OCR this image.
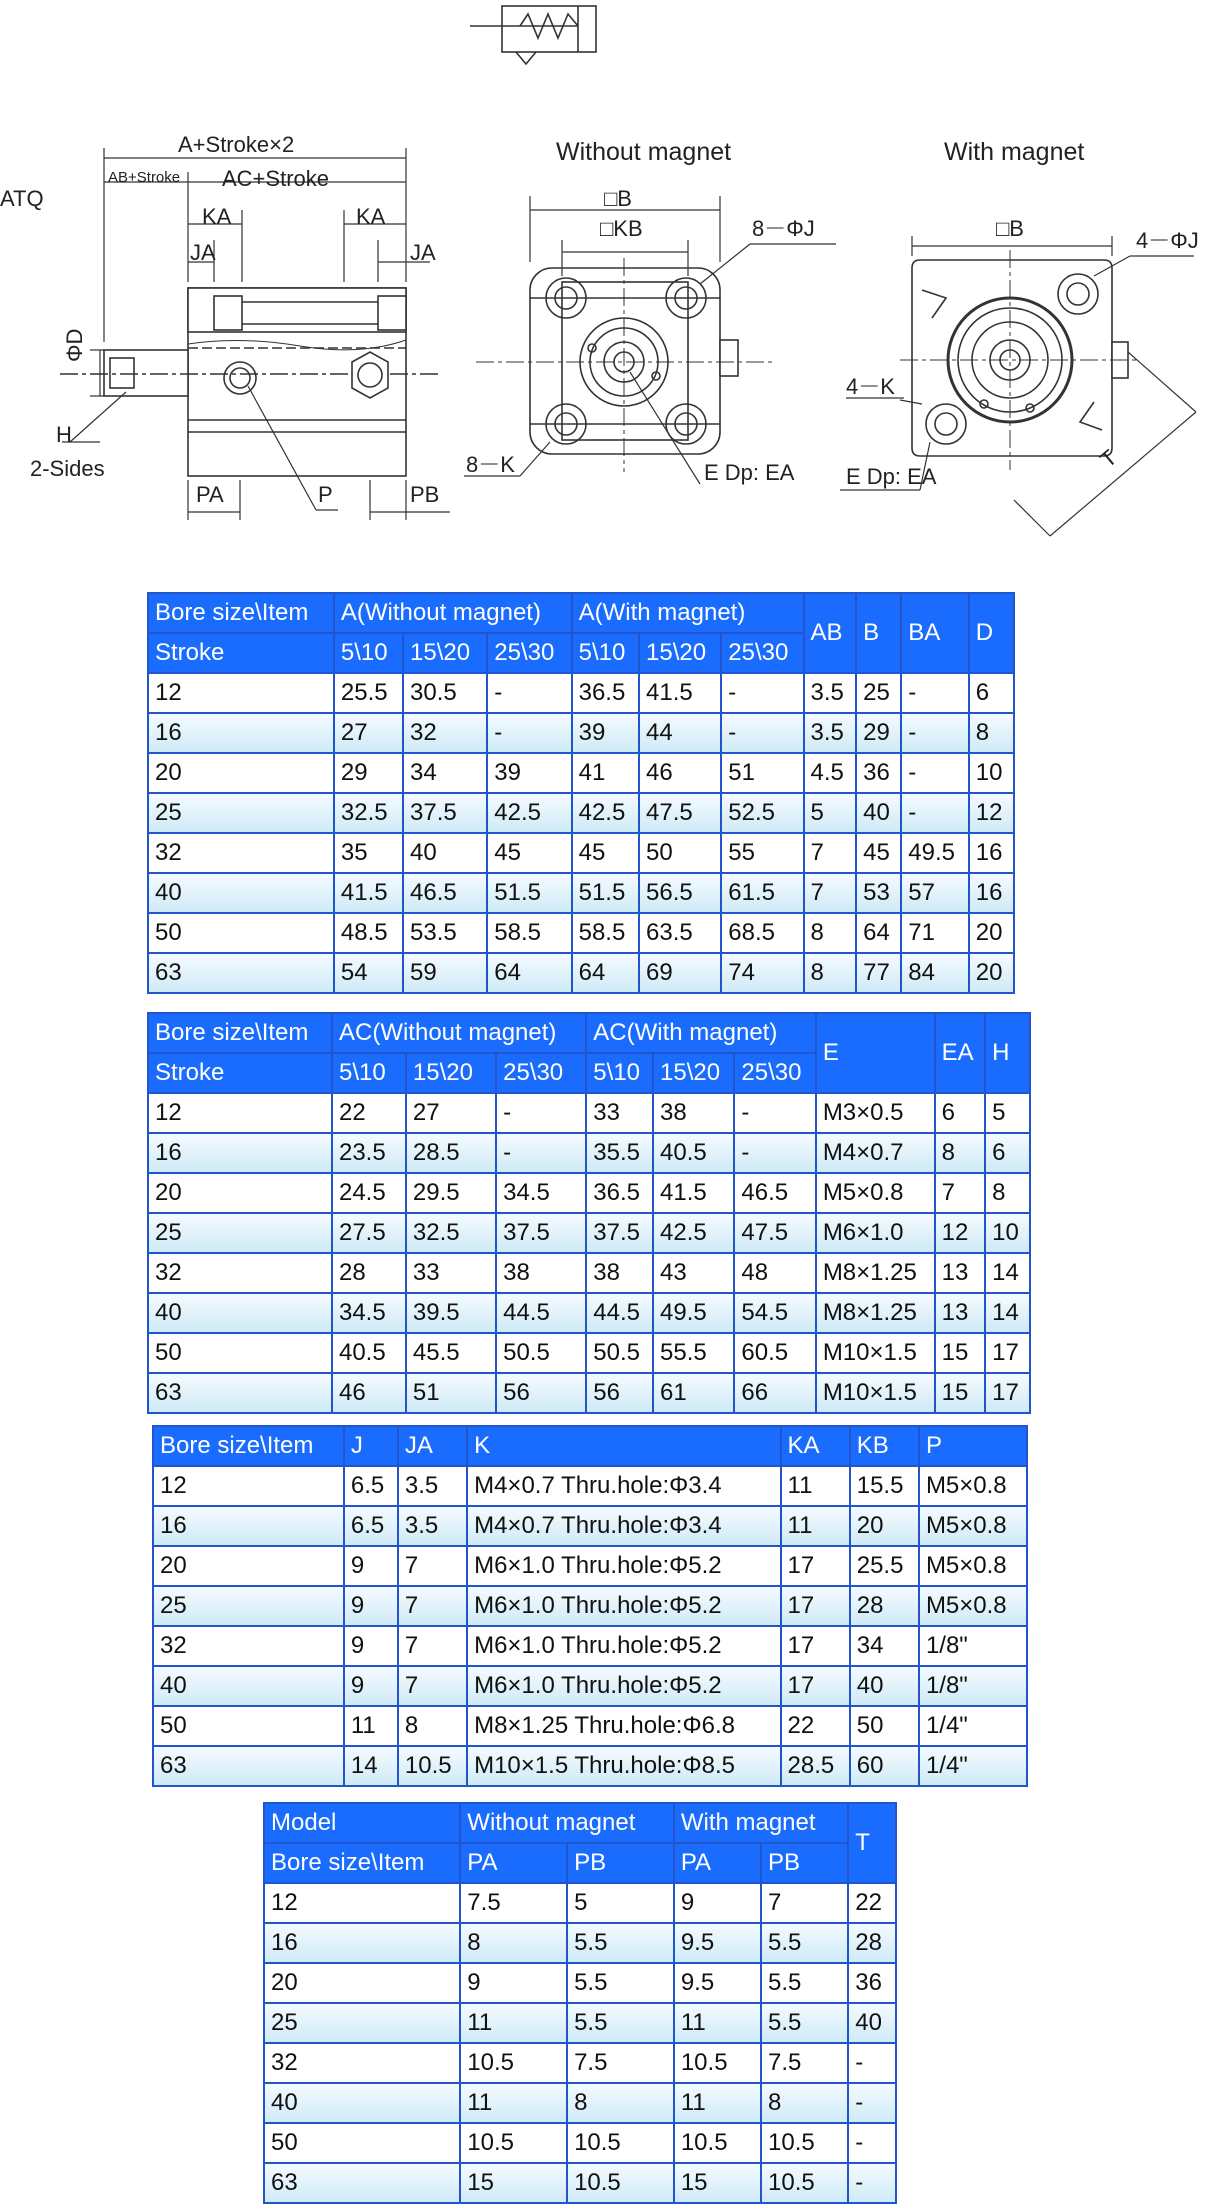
ATQ
A+Stroke×2
AB+Stroke AC+Stroke
KA	KA
JA	JA
ΦD
H
2-Sides
PA	P	PB
Without magnet
□B
□KB	8－ΦJ
8－K	E Dp: EA
With magnet
□B	4－ΦJ
4－K
E Dp: EA
T
Bore size\Item	A(Without magnet)			A(With magnet)			AB	B	BA	D
Stroke	5\10	15\20	25\30	5\10	15\20	25\30				
12	25.5	30.5	-	36.5	41.5	-	3.5	25	-	6
16	27	32	-	39	44	-	3.5	29	-	8
20	29	34	39	41	46	51	4.5	36	-	10
25	32.5	37.5	42.5	42.5	47.5	52.5	5	40	-	12
32	35	40	45	45	50	55	7	45	49.5	16
40	41.5	46.5	51.5	51.5	56.5	61.5	7	53	57	16
50	48.5	53.5	58.5	58.5	63.5	68.5	8	64	71	20
63	54	59	64	64	69	74	8	77	84	20
Bore size\Item	AC(Without magnet)			AC(With magnet)			E	EA	H
Stroke	5\10	15\20	25\30	5\10	15\20	25\30			
12	22	27	-	33	38	-	M3×0.5	6	5
16	23.5	28.5	-	35.5	40.5	-	M4×0.7	8	6
20	24.5	29.5	34.5	36.5	41.5	46.5	M5×0.8	7	8
25	27.5	32.5	37.5	37.5	42.5	47.5	M6×1.0	12	10
32	28	33	38	38	43	48	M8×1.25	13	14
40	34.5	39.5	44.5	44.5	49.5	54.5	M8×1.25	13	14
50	40.5	45.5	50.5	50.5	55.5	60.5	M10×1.5	15	17
63	46	51	56	56	61	66	M10×1.5	15	17
Bore size\Item	J	JA	K	KA	KB	P
12	6.5	3.5	M4×0.7 Thru.hole:Φ3.4	11	15.5	M5×0.8
16	6.5	3.5	M4×0.7 Thru.hole:Φ3.4	11	20	M5×0.8
20	9	7	M6×1.0 Thru.hole:Φ5.2	17	25.5	M5×0.8
25	9	7	M6×1.0 Thru.hole:Φ5.2	17	28	M5×0.8
32	9	7	M6×1.0 Thru.hole:Φ5.2	17	34	1/8"
40	9	7	M6×1.0 Thru.hole:Φ5.2	17	40	1/8"
50	11	8	M8×1.25 Thru.hole:Φ6.8	22	50	1/4"
63	14	10.5	M10×1.5 Thru.hole:Φ8.5	28.5	60	1/4"
Model	Without magnet		With magnet		T
Bore size\Item	PA	PB	PA	PB	
12	7.5	5	9	7	22
16	8	5.5	9.5	5.5	28
20	9	5.5	9.5	5.5	36
25	11	5.5	11	5.5	40
32	10.5	7.5	10.5	7.5	-
40	11	8	11	8	-
50	10.5	10.5	10.5	10.5	-
63	15	10.5	15	10.5	-
